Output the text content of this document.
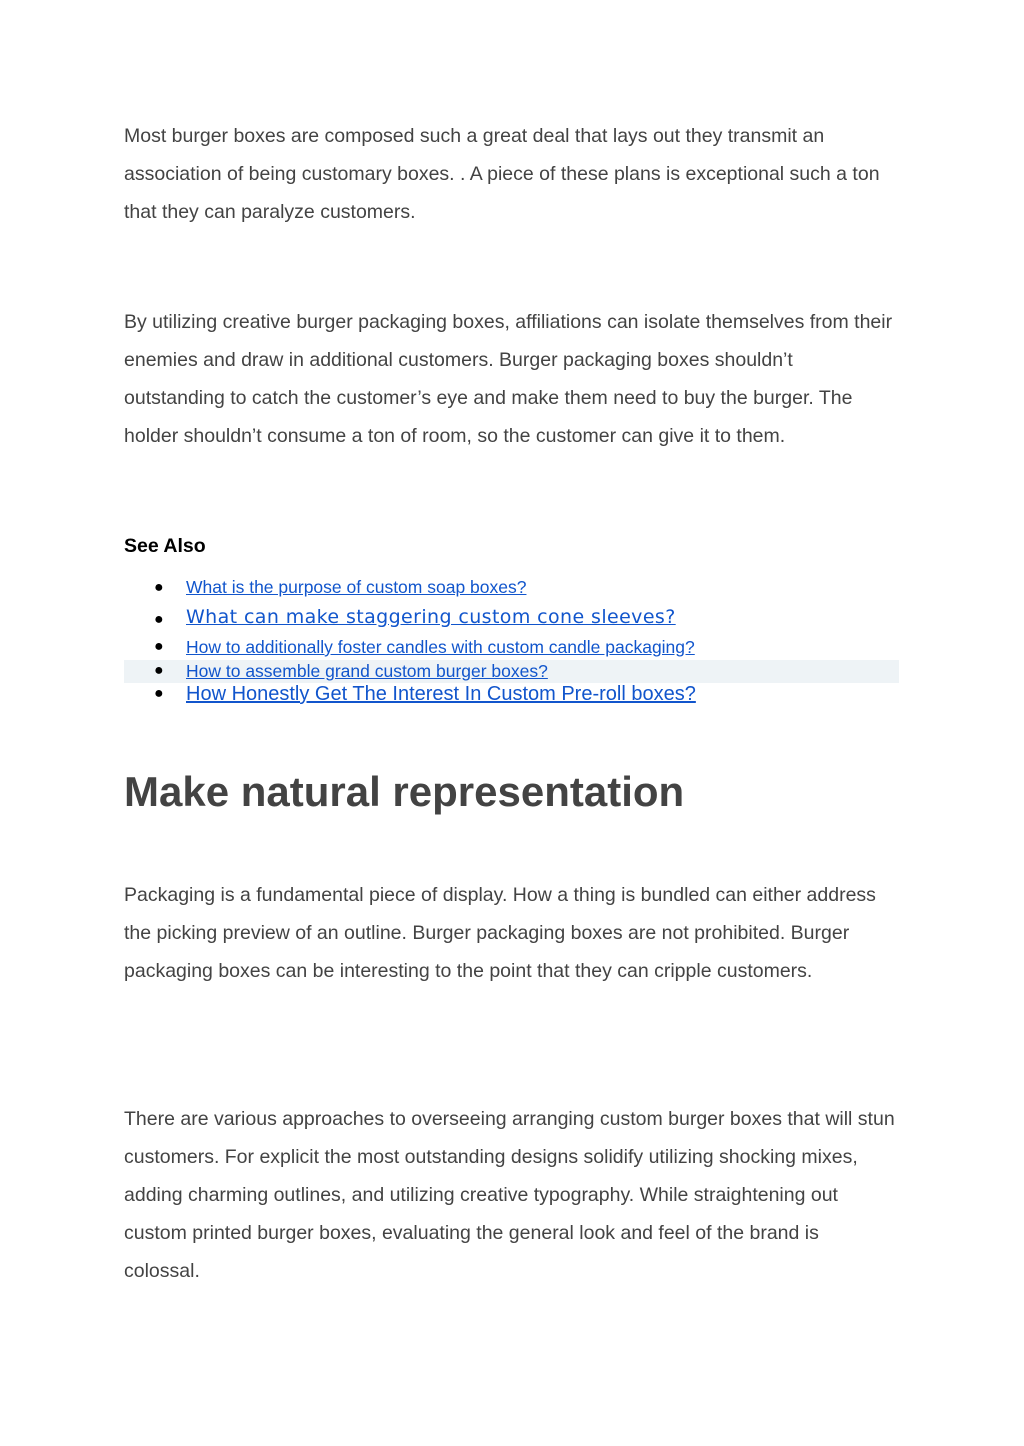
Most burger boxes are composed such a great deal that lays out they transmit an association of being customary boxes. . A piece of these plans is exceptional such a ton that they can paralyze customers.

By utilizing creative burger packaging boxes, affiliations can isolate themselves from their enemies and draw in additional customers. Burger packaging boxes shouldn’t outstanding to catch the customer’s eye and make them need to buy the burger. The holder shouldn’t consume a ton of room, so the customer can give it to them.

See Also
● What is the purpose of custom soap boxes?
● What can make staggering custom cone sleeves?
● How to additionally foster candles with custom candle packaging?
● How to assemble grand custom burger boxes?
● How Honestly Get The Interest In Custom Pre-roll boxes?
Make natural representation

Packaging is a fundamental piece of display. How a thing is bundled can either address the picking preview of an outline. Burger packaging boxes are not prohibited. Burger packaging boxes can be interesting to the point that they can cripple customers.

There are various approaches to overseeing arranging custom burger boxes that will stun customers. For explicit the most outstanding designs solidify utilizing shocking mixes, adding charming outlines, and utilizing creative typography. While straightening out custom printed burger boxes, evaluating the general look and feel of the brand is colossal.
